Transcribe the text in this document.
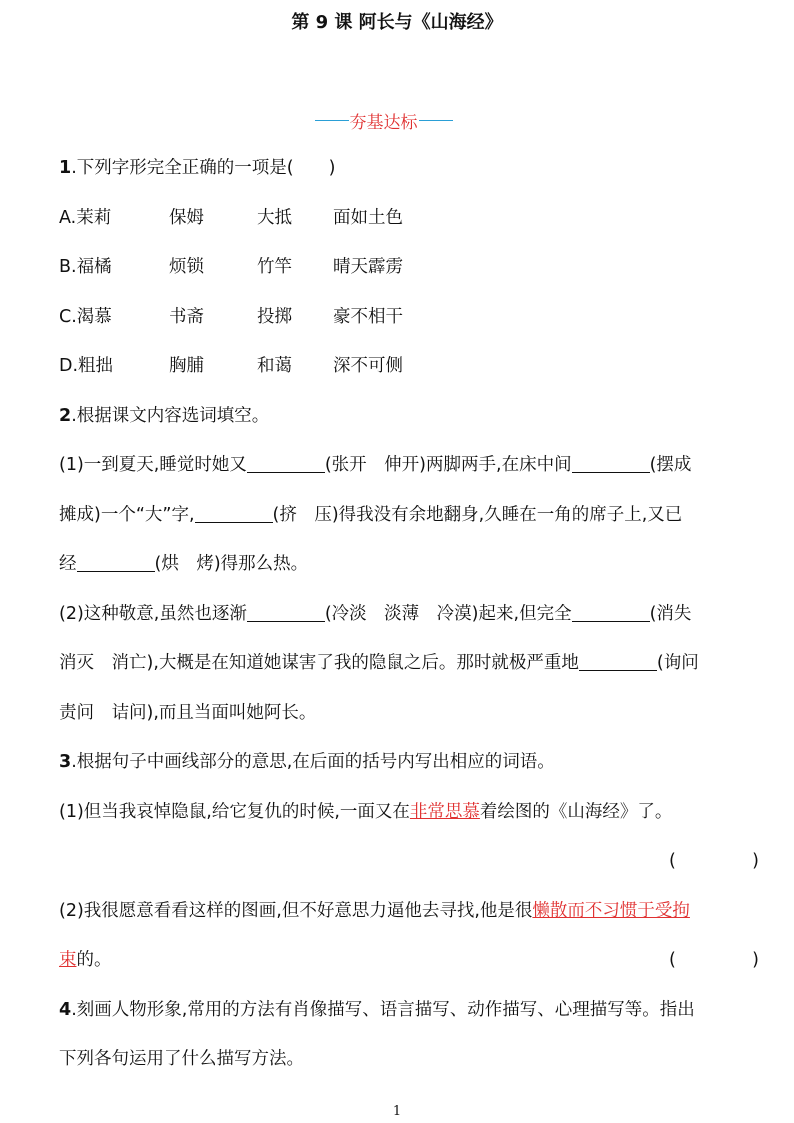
第 9 课 阿长与《山海经》
夯基达标
1.下列字形完全正确的一项是(　　)
A.茉莉	保姆	大抵	面如土色
B.福橘	烦锁	竹竿	晴天霹雳
C.渴慕	书斋	投掷	豪不相干
D.粗拙	胸脯	和蔼	深不可侧
2.根据课文内容选词填空。
(1)一到夏天,睡觉时她又	(张开　伸开)两脚两手,在床中间	(摆成
摊成)一个“大”字,	(挤　压)得我没有余地翻身,久睡在一角的席子上,又已
经	(烘　烤)得那么热。
(2)这种敬意,虽然也逐渐	(冷淡　淡薄　冷漠)起来,但完全	(消失
消灭　消亡),大概是在知道她谋害了我的隐鼠之后。那时就极严重地	(询问
责问　诘问),而且当面叫她阿长。
3.根据句子中画线部分的意思,在后面的括号内写出相应的词语。
(1)但当我哀悼隐鼠,给它复仇的时候,一面又在非常思慕着绘图的《山海经》了。
(	)
(2)我很愿意看看这样的图画,但不好意思力逼他去寻找,他是很懒散而不习惯于受拘
束的。	(	)
4.刻画人物形象,常用的方法有肖像描写、语言描写、动作描写、心理描写等。指出
下列各句运用了什么描写方法。
1
